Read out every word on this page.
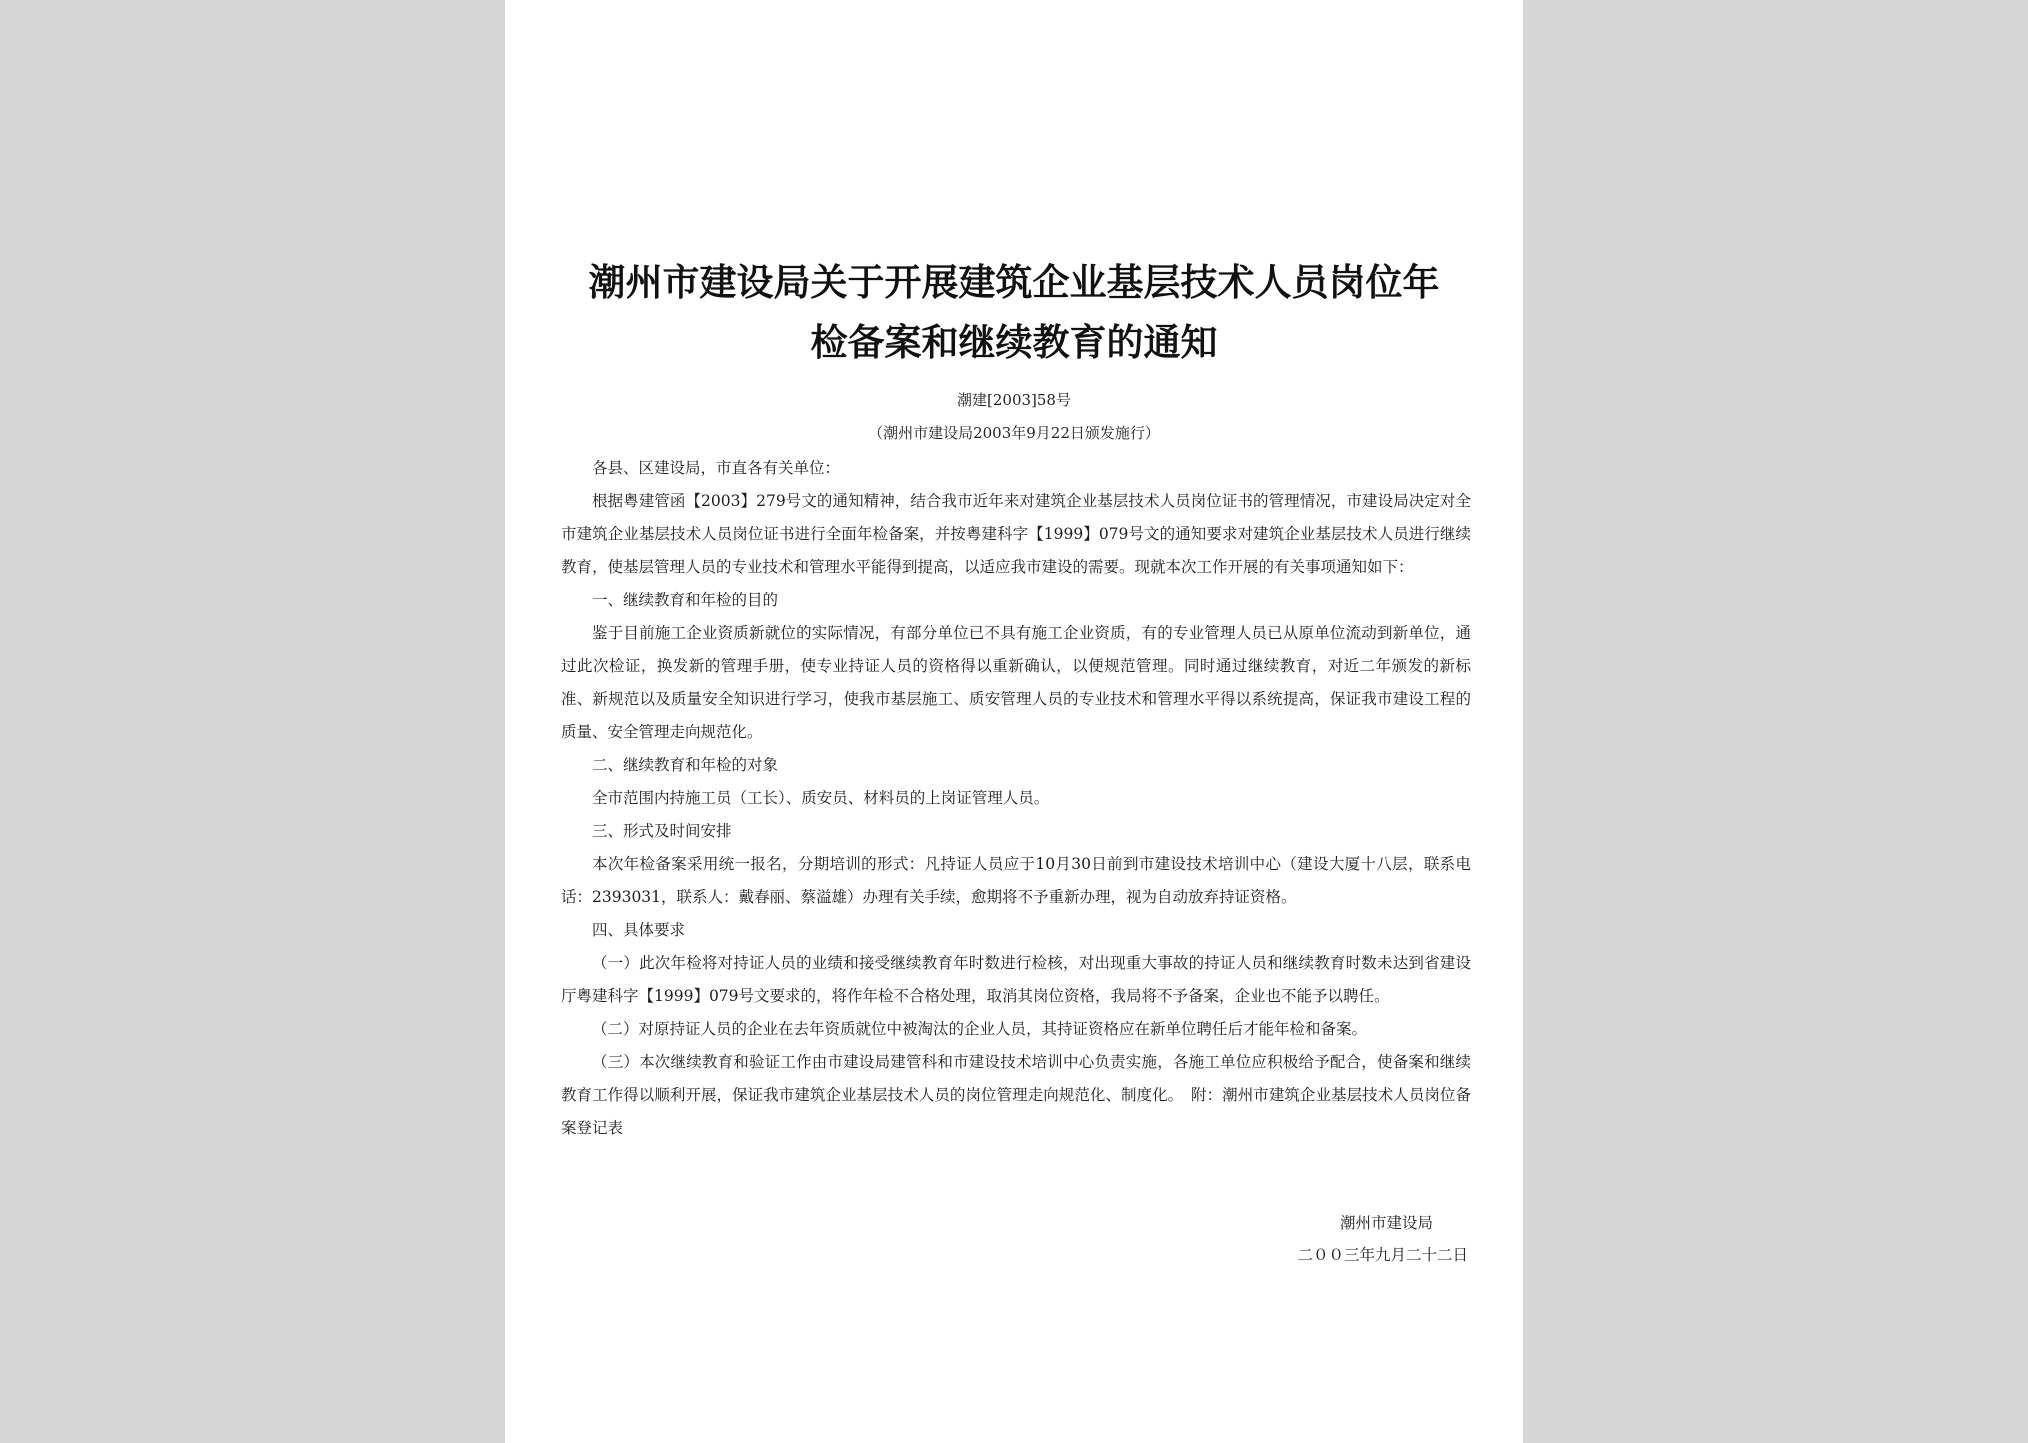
潮州市建设局关于开展建筑企业基层技术人员岗位年
检备案和继续教育的通知
潮建[2003]58号
（潮州市建设局2003年9月22日颁发施行）

各县、区建设局，市直各有关单位：

根据粤建管函【2003】279号文的通知精神，结合我市近年来对建筑企业基层技术人员岗位证书的管理情况，市建设局决定对全市建筑企业基层技术人员岗位证书进行全面年检备案，并按粤建科字【1999】079号文的通知要求对建筑企业基层技术人员进行继续教育，使基层管理人员的专业技术和管理水平能得到提高，以适应我市建设的需要。现就本次工作开展的有关事项通知如下：

一、继续教育和年检的目的

鉴于目前施工企业资质新就位的实际情况，有部分单位已不具有施工企业资质，有的专业管理人员已从原单位流动到新单位，通过此次检证，换发新的管理手册，使专业持证人员的资格得以重新确认，以便规范管理。同时通过继续教育，对近二年颁发的新标准、新规范以及质量安全知识进行学习，使我市基层施工、质安管理人员的专业技术和管理水平得以系统提高，保证我市建设工程的质量、安全管理走向规范化。

二、继续教育和年检的对象

全市范围内持施工员（工长）、质安员、材料员的上岗证管理人员。

三、形式及时间安排

本次年检备案采用统一报名，分期培训的形式：凡持证人员应于10月30日前到市建设技术培训中心（建设大厦十八层，联系电话：2393031，联系人：戴春丽、蔡溢雄）办理有关手续，愈期将不予重新办理，视为自动放弃持证资格。

四、具体要求

（一）此次年检将对持证人员的业绩和接受继续教育年时数进行检核，对出现重大事故的持证人员和继续教育时数未达到省建设厅粤建科字【1999】079号文要求的，将作年检不合格处理，取消其岗位资格，我局将不予备案，企业也不能予以聘任。

（二）对原持证人员的企业在去年资质就位中被淘汰的企业人员，其持证资格应在新单位聘任后才能年检和备案。

（三）本次继续教育和验证工作由市建设局建管科和市建设技术培训中心负责实施，各施工单位应积极给予配合，使备案和继续教育工作得以顺利开展，保证我市建筑企业基层技术人员的岗位管理走向规范化、制度化。　附：潮州市建筑企业基层技术人员岗位备案登记表

潮州市建设局
二００三年九月二十二日
